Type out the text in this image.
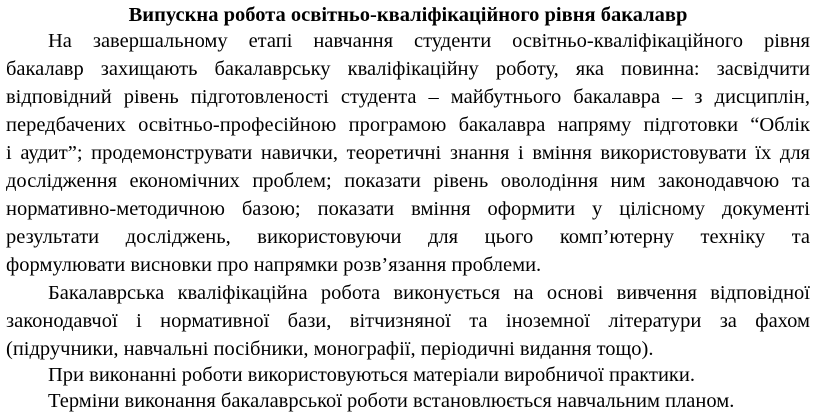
Випускна робота освітньо-кваліфікаційного рівня бакалавр

На завершальному етапі навчання студенти освітньо-кваліфікаційного рівня

бакалавр захищають бакалаврську кваліфікаційну роботу, яка повинна: засвідчити

відповідний рівень підготовленості студента – майбутнього бакалавра – з дисциплін,

передбачених освітньо-професійною програмою бакалавра напряму підготовки “Облік

і аудит”; продемонструвати навички, теоретичні знання і вміння використовувати їх для

дослідження економічних проблем; показати рівень оволодіння ним законодавчою та

нормативно-методичною базою; показати вміння оформити у цілісному документі

результати досліджень, використовуючи для цього комп’ютерну техніку та

формулювати висновки про напрямки розв’язання проблеми.

Бакалаврська кваліфікаційна робота виконується на основі вивчення відповідної

законодавчої і нормативної бази, вітчизняної та іноземної літератури за фахом

(підручники, навчальні посібники, монографії, періодичні видання тощо).

При виконанні роботи використовуються матеріали виробничої практики.

Терміни виконання бакалаврської роботи встановлюється навчальним планом.
